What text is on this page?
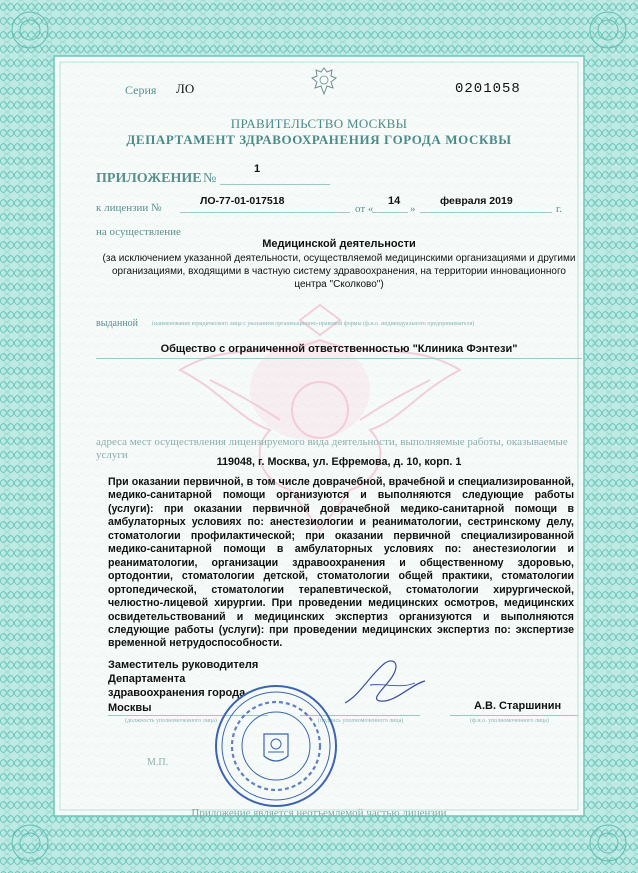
Серия ЛО	0201058
ПРАВИТЕЛЬСТВО МОСКВЫ
ДЕПАРТАМЕНТ ЗДРАВООХРАНЕНИЯ ГОРОДА МОСКВЫ
ПРИЛОЖЕНИЕ №
1
к лицензии №
ЛО-77-01-017518
от «
14
»
февраля 2019
г.
на осуществление
Медицинской деятельности
(за исключением указанной деятельности, осуществляемой медицинскими организациями и другими организациями, входящими в частную систему здравоохранения, на территории инновационного центра "Сколково")
выданной (наименование юридического лица с указанием организационно-правовой формы (ф.и.о. индивидуального предпринимателя)
Общество с ограниченной ответственностью "Клиника Фэнтези"
адреса мест осуществления лицензируемого вида деятельности, выполняемые работы, оказываемые услуги
119048, г. Москва, ул. Ефремова, д. 10, корп. 1
При оказании первичной, в том числе доврачебной, врачебной и специализированной, медико-санитарной помощи организуются и выполняются следующие работы (услуги): при оказании первичной доврачебной медико-санитарной помощи в амбулаторных условиях по: анестезиологии и реаниматологии, сестринскому делу, стоматологии профилактической; при оказании первичной специализированной медико-санитарной помощи в амбулаторных условиях по: анестезиологии и реаниматологии, организации здравоохранения и общественному здоровью, ортодонтии, стоматологии детской, стоматологии общей практики, стоматологии ортопедической, стоматологии терапевтической, стоматологии хирургической, челюстно-лицевой хирургии. При проведении медицинских осмотров, медицинских освидетельствований и медицинских экспертиз организуются и выполняются следующие работы (услуги): при проведении медицинских экспертиз по: экспертизе временной нетрудоспособности.
Заместитель руководителя
Департамента
здравоохранения города
Москвы	А.В. Старшинин
(должность уполномоченного лица)	(подпись уполномоченного лица)	(ф.и.о. уполномоченного лица)
М.П.
Приложение является неотъемлемой частью лицензии
